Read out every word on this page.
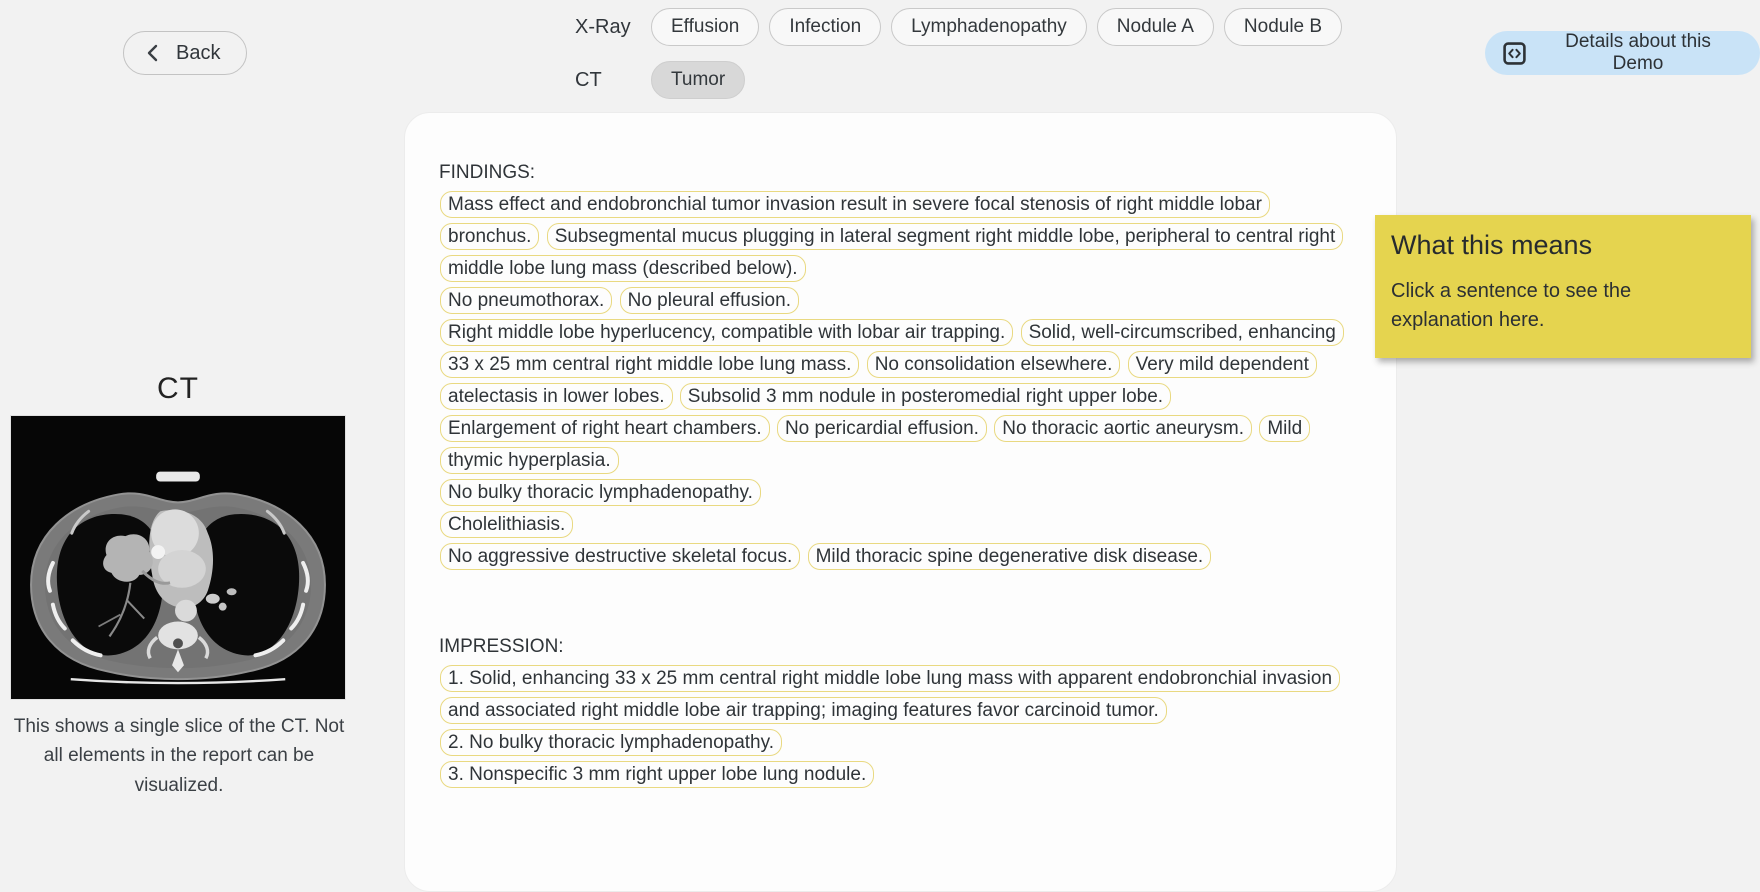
Back
X-Ray	Effusion	Infection	Lymphadenopathy	Nodule A	Nodule B
CT	Tumor
Details about this Demo
CT
This shows a single slice of the CT. Not all elements in the report can be visualized.
FINDINGS:

Mass effect and endobronchial tumor invasion result in severe focal stenosis of right middle lobar bronchus. Subsegmental mucus plugging in lateral segment right middle lobe, peripheral to central right middle lobe lung mass (described below).

No pneumothorax. No pleural effusion.

Right middle lobe hyperlucency, compatible with lobar air trapping. Solid, well-circumscribed, enhancing 33 x 25 mm central right middle lobe lung mass. No consolidation elsewhere. Very mild dependent atelectasis in lower lobes. Subsolid 3 mm nodule in posteromedial right upper lobe.

Enlargement of right heart chambers. No pericardial effusion. No thoracic aortic aneurysm. Mild thymic hyperplasia.

No bulky thoracic lymphadenopathy.

Cholelithiasis.

No aggressive destructive skeletal focus. Mild thoracic spine degenerative disk disease.

IMPRESSION:

1. Solid, enhancing 33 x 25 mm central right middle lobe lung mass with apparent endobronchial invasion and associated right middle lobe air trapping; imaging features favor carcinoid tumor.

2. No bulky thoracic lymphadenopathy.

3. Nonspecific 3 mm right upper lobe lung nodule.

What this means
Click a sentence to see the explanation here.
